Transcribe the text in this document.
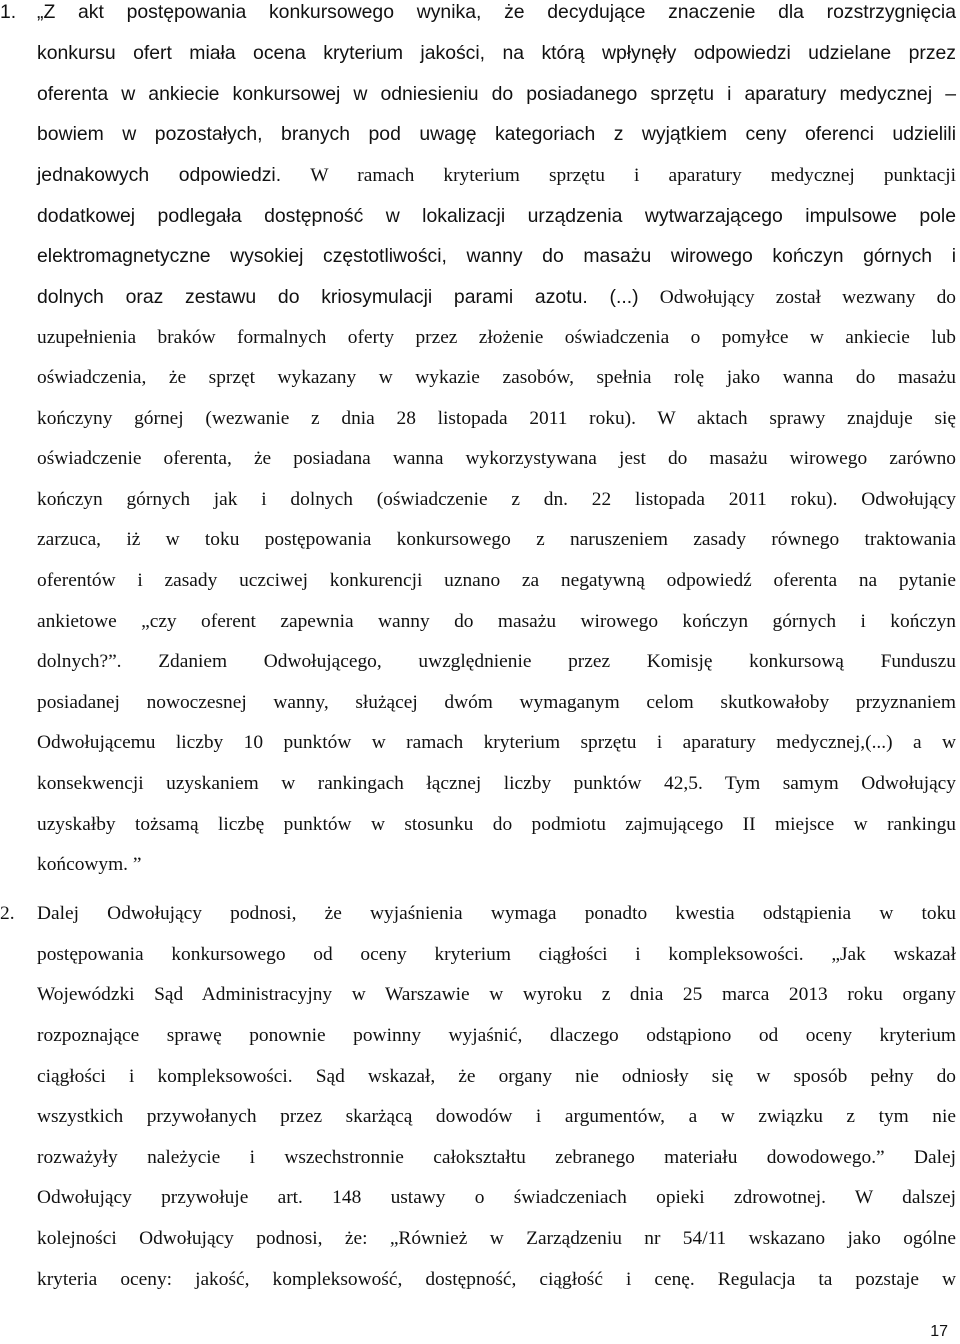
1.
2.
„Z akt postępowania konkursowego wynika, że decydujące znaczenie dla rozstrzygnięcia
konkursu ofert miała ocena kryterium jakości, na którą wpłynęły odpowiedzi udzielane przez
oferenta w ankiecie konkursowej w odniesieniu do posiadanego sprzętu i aparatury medycznej –
bowiem w pozostałych, branych pod uwagę kategoriach z wyjątkiem ceny oferenci udzielili
jednakowych odpowiedzi. W ramach kryterium sprzętu i aparatury medycznej punktacji
dodatkowej podlegała dostępność w lokalizacji urządzenia wytwarzającego impulsowe pole
elektromagnetyczne wysokiej częstotliwości, wanny do masażu wirowego kończyn górnych i
dolnych oraz zestawu do kriosymulacji parami azotu. (...) Odwołujący został wezwany do
uzupełnienia braków formalnych oferty przez złożenie oświadczenia o pomyłce w ankiecie lub
oświadczenia, że sprzęt wykazany w wykazie zasobów, spełnia rolę jako wanna do masażu
kończyny górnej (wezwanie z dnia 28 listopada 2011 roku). W aktach sprawy znajduje się
oświadczenie oferenta, że posiadana wanna wykorzystywana jest do masażu wirowego zarówno
kończyn górnych jak i dolnych (oświadczenie z dn. 22 listopada 2011 roku). Odwołujący
zarzuca, iż w toku postępowania konkursowego z naruszeniem zasady równego traktowania
oferentów i zasady uczciwej konkurencji uznano za negatywną odpowiedź oferenta na pytanie
ankietowe „czy oferent zapewnia wanny do masażu wirowego kończyn górnych i kończyn
dolnych?”. Zdaniem Odwołującego, uwzględnienie przez Komisję konkursową Funduszu
posiadanej nowoczesnej wanny, służącej dwóm wymaganym celom skutkowałoby przyznaniem
Odwołującemu liczby 10 punktów w ramach kryterium sprzętu i aparatury medycznej,(...) a w
konsekwencji uzyskaniem w rankingach łącznej liczby punktów 42,5. Tym samym Odwołujący
uzyskałby tożsamą liczbę punktów w stosunku do podmiotu zajmującego II miejsce w rankingu
końcowym. ”
Dalej Odwołujący podnosi, że wyjaśnienia wymaga ponadto kwestia odstąpienia w toku
postępowania konkursowego od oceny kryterium ciągłości i kompleksowości. „Jak wskazał
Wojewódzki Sąd Administracyjny w Warszawie w wyroku z dnia 25 marca 2013 roku organy
rozpoznające sprawę ponownie powinny wyjaśnić, dlaczego odstąpiono od oceny kryterium
ciągłości i kompleksowości. Sąd wskazał, że organy nie odniosły się w sposób pełny do
wszystkich przywołanych przez skarżącą dowodów i argumentów, a w związku z tym nie
rozważyły należycie i wszechstronnie całokształtu zebranego materiału dowodowego.” Dalej
Odwołujący przywołuje art. 148 ustawy o świadczeniach opieki zdrowotnej. W dalszej
kolejności Odwołujący podnosi, że: „Również w Zarządzeniu nr 54/11 wskazano jako ogólne
kryteria oceny: jakość, kompleksowość, dostępność, ciągłość i cenę. Regulacja ta pozstaje w
17
